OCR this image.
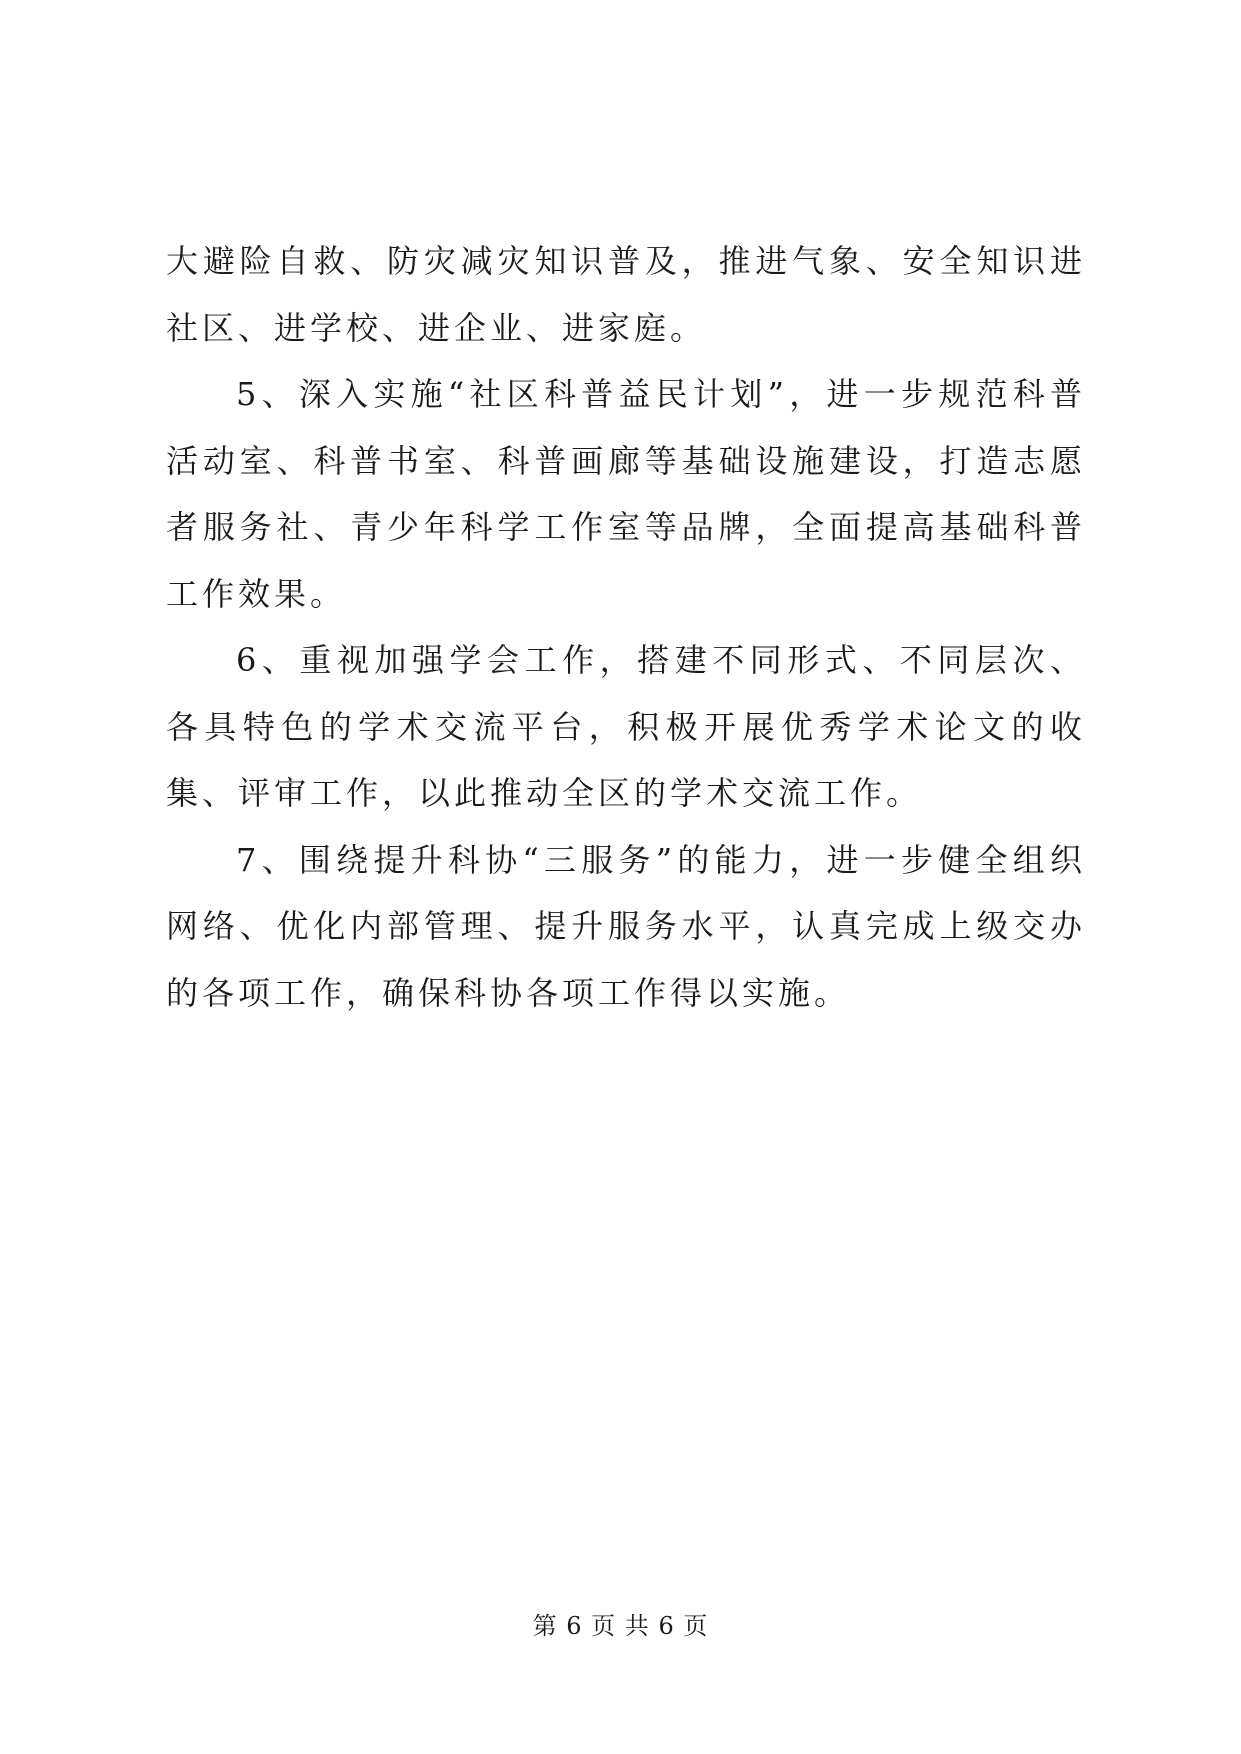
大避险自救、防灾减灾知识普及，推进气象、安全知识进社区、进学校、进企业、进家庭。

5、深入实施“社区科普益民计划”，进一步规范科普活动室、科普书室、科普画廊等基础设施建设，打造志愿者服务社、青少年科学工作室等品牌，全面提高基础科普工作效果。

6、重视加强学会工作，搭建不同形式、不同层次、各具特色的学术交流平台，积极开展优秀学术论文的收集、评审工作，以此推动全区的学术交流工作。

7、围绕提升科协“三服务”的能力，进一步健全组织网络、优化内部管理、提升服务水平，认真完成上级交办的各项工作，确保科协各项工作得以实施。

第 6 页 共 6 页
